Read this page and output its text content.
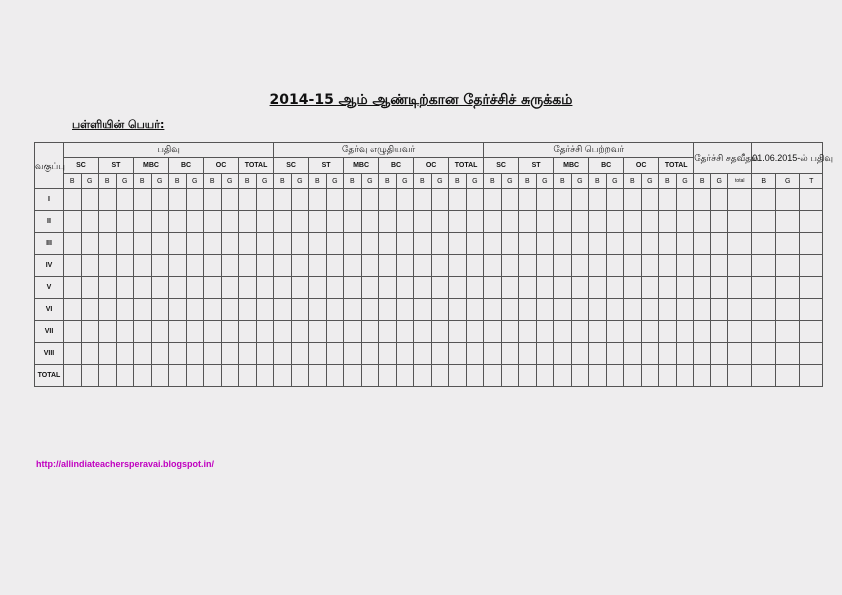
2014-15 ஆம் ஆண்டிற்கான தேர்ச்சிச் சுருக்கம்
பள்ளியின் பெயர்:
வகுப்பு	பதிவு												தேர்வு எழுதியவர்												தேர்ச்சி பெற்றவர்												தேர்ச்சி சதவீதம்			01.06.2015-ல் பதிவு		
	SC		ST		MBC		BC		OC		TOTAL		SC		ST		MBC		BC		OC		TOTAL		SC		ST		MBC		BC		OC		TOTAL							
	B	G	B	G	B	G	B	G	B	G	B	G	B	G	B	G	B	G	B	G	B	G	B	G	B	G	B	G	B	G	B	G	B	G	B	G	B	G	total	B	G	T
I																																										
II																																										
III																																										
IV																																										
V																																										
VI																																										
VII																																										
VIII																																										
TOTAL																																										
http://allindiateachersperavai.blogspot.in/
